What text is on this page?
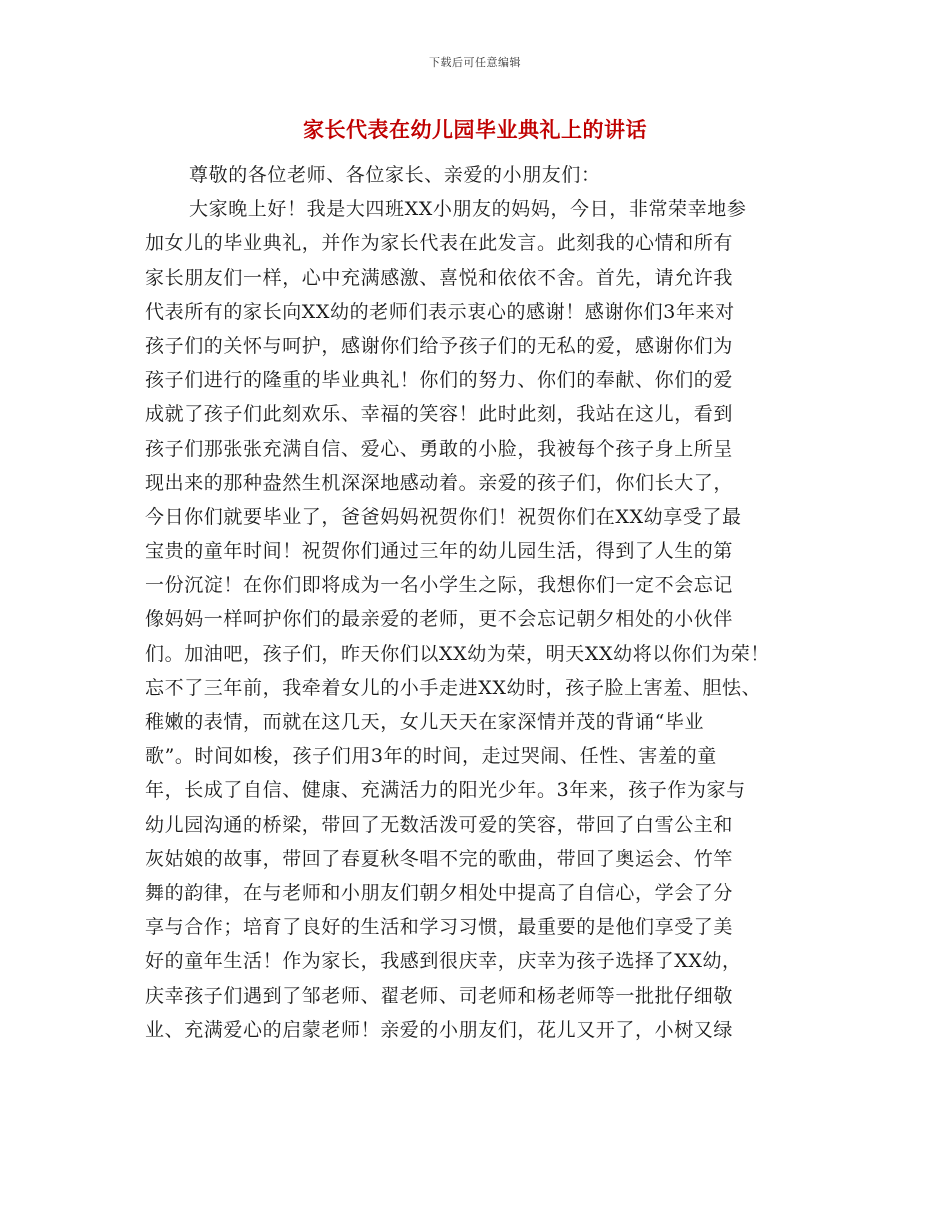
下载后可任意编辑
家长代表在幼儿园毕业典礼上的讲话
尊敬的各位老师、各位家长、亲爱的小朋友们：
大家晚上好！我是大四班XX小朋友的妈妈，今日，非常荣幸地参
加女儿的毕业典礼，并作为家长代表在此发言。此刻我的心情和所有
家长朋友们一样，心中充满感激、喜悦和依依不舍。首先，请允许我
代表所有的家长向XX幼的老师们表示衷心的感谢！感谢你们3年来对
孩子们的关怀与呵护，感谢你们给予孩子们的无私的爱，感谢你们为
孩子们进行的隆重的毕业典礼！你们的努力、你们的奉献、你们的爱
成就了孩子们此刻欢乐、幸福的笑容！此时此刻，我站在这儿，看到
孩子们那张张充满自信、爱心、勇敢的小脸，我被每个孩子身上所呈
现出来的那种盎然生机深深地感动着。亲爱的孩子们，你们长大了，
今日你们就要毕业了，爸爸妈妈祝贺你们！祝贺你们在XX幼享受了最
宝贵的童年时间！祝贺你们通过三年的幼儿园生活，得到了人生的第
一份沉淀！在你们即将成为一名小学生之际，我想你们一定不会忘记
像妈妈一样呵护你们的最亲爱的老师，更不会忘记朝夕相处的小伙伴
们。加油吧，孩子们，昨天你们以XX幼为荣，明天XX幼将以你们为荣！
忘不了三年前，我牵着女儿的小手走进XX幼时，孩子脸上害羞、胆怯、
稚嫩的表情，而就在这几天，女儿天天在家深情并茂的背诵“毕业
歌”。时间如梭，孩子们用3年的时间，走过哭闹、任性、害羞的童
年，长成了自信、健康、充满活力的阳光少年。3年来，孩子作为家与
幼儿园沟通的桥梁，带回了无数活泼可爱的笑容，带回了白雪公主和
灰姑娘的故事，带回了春夏秋冬唱不完的歌曲，带回了奥运会、竹竿
舞的韵律，在与老师和小朋友们朝夕相处中提高了自信心，学会了分
享与合作；培育了良好的生活和学习习惯，最重要的是他们享受了美
好的童年生活！作为家长，我感到很庆幸，庆幸为孩子选择了XX幼，
庆幸孩子们遇到了邹老师、翟老师、司老师和杨老师等一批批仔细敬
业、充满爱心的启蒙老师！亲爱的小朋友们，花儿又开了，小树又绿
